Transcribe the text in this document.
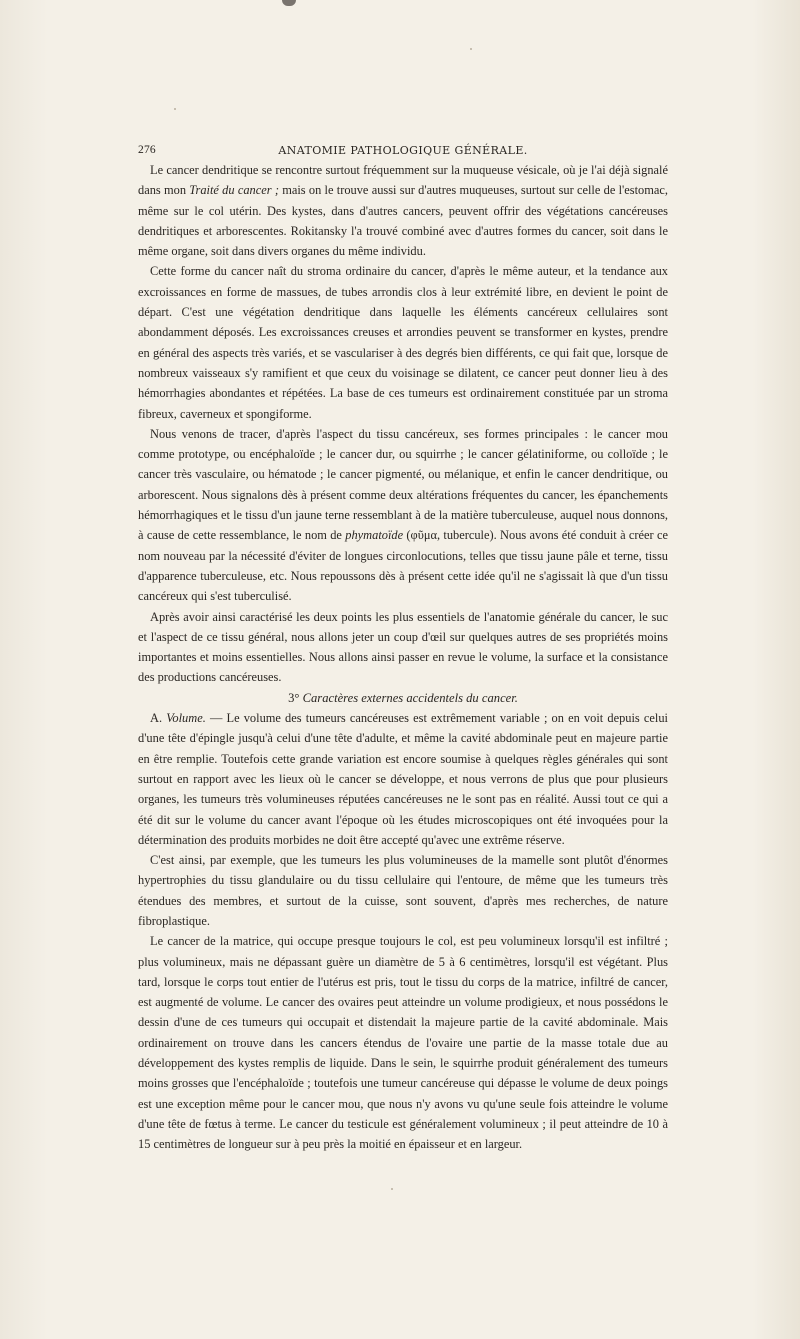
276	ANATOMIE PATHOLOGIQUE GÉNÉRALE.

Le cancer dendritique se rencontre surtout fréquemment sur la muqueuse vésicale, où je l'ai déjà signalé dans mon Traité du cancer ; mais on le trouve aussi sur d'autres muqueuses, surtout sur celle de l'estomac, même sur le col utérin. Des kystes, dans d'autres cancers, peuvent offrir des végétations cancéreuses dendritiques et arborescentes. Rokitansky l'a trouvé combiné avec d'autres formes du cancer, soit dans le même organe, soit dans divers organes du même individu.

Cette forme du cancer naît du stroma ordinaire du cancer, d'après le même auteur, et la tendance aux excroissances en forme de massues, de tubes arrondis clos à leur extrémité libre, en devient le point de départ. C'est une végétation dendritique dans laquelle les éléments cancéreux cellulaires sont abondamment déposés. Les excroissances creuses et arrondies peuvent se transformer en kystes, prendre en général des aspects très variés, et se vasculariser à des degrés bien différents, ce qui fait que, lorsque de nombreux vaisseaux s'y ramifient et que ceux du voisinage se dilatent, ce cancer peut donner lieu à des hémorrhagies abondantes et répétées. La base de ces tumeurs est ordinairement constituée par un stroma fibreux, caverneux et spongiforme.

Nous venons de tracer, d'après l'aspect du tissu cancéreux, ses formes principales : le cancer mou comme prototype, ou encéphaloïde ; le cancer dur, ou squirrhe ; le cancer gélatiniforme, ou colloïde ; le cancer très vasculaire, ou hématode ; le cancer pigmenté, ou mélanique, et enfin le cancer dendritique, ou arborescent. Nous signalons dès à présent comme deux altérations fréquentes du cancer, les épanchements hémorrhagiques et le tissu d'un jaune terne ressemblant à de la matière tuberculeuse, auquel nous donnons, à cause de cette ressemblance, le nom de phymatoïde (φῦμα, tubercule). Nous avons été conduit à créer ce nom nouveau par la nécessité d'éviter de longues circonlocutions, telles que tissu jaune pâle et terne, tissu d'apparence tuberculeuse, etc. Nous repoussons dès à présent cette idée qu'il ne s'agissait là que d'un tissu cancéreux qui s'est tuberculisé.

Après avoir ainsi caractérisé les deux points les plus essentiels de l'anatomie générale du cancer, le suc et l'aspect de ce tissu général, nous allons jeter un coup d'œil sur quelques autres de ses propriétés moins importantes et moins essentielles. Nous allons ainsi passer en revue le volume, la surface et la consistance des productions cancéreuses.

3° Caractères externes accidentels du cancer.

A. Volume. — Le volume des tumeurs cancéreuses est extrêmement variable ; on en voit depuis celui d'une tête d'épingle jusqu'à celui d'une tête d'adulte, et même la cavité abdominale peut en majeure partie en être remplie. Toutefois cette grande variation est encore soumise à quelques règles générales qui sont surtout en rapport avec les lieux où le cancer se développe, et nous verrons de plus que pour plusieurs organes, les tumeurs très volumineuses réputées cancéreuses ne le sont pas en réalité. Aussi tout ce qui a été dit sur le volume du cancer avant l'époque où les études microscopiques ont été invoquées pour la détermination des produits morbides ne doit être accepté qu'avec une extrême réserve.

C'est ainsi, par exemple, que les tumeurs les plus volumineuses de la mamelle sont plutôt d'énormes hypertrophies du tissu glandulaire ou du tissu cellulaire qui l'entoure, de même que les tumeurs très étendues des membres, et surtout de la cuisse, sont souvent, d'après mes recherches, de nature fibroplastique.

Le cancer de la matrice, qui occupe presque toujours le col, est peu volumineux lorsqu'il est infiltré ; plus volumineux, mais ne dépassant guère un diamètre de 5 à 6 centimètres, lorsqu'il est végétant. Plus tard, lorsque le corps tout entier de l'utérus est pris, tout le tissu du corps de la matrice, infiltré de cancer, est augmenté de volume. Le cancer des ovaires peut atteindre un volume prodigieux, et nous possédons le dessin d'une de ces tumeurs qui occupait et distendait la majeure partie de la cavité abdominale. Mais ordinairement on trouve dans les cancers étendus de l'ovaire une partie de la masse totale due au développement des kystes remplis de liquide. Dans le sein, le squirrhe produit généralement des tumeurs moins grosses que l'encéphaloïde ; toutefois une tumeur cancéreuse qui dépasse le volume de deux poings est une exception même pour le cancer mou, que nous n'y avons vu qu'une seule fois atteindre le volume d'une tête de fœtus à terme. Le cancer du testicule est généralement volumineux ; il peut atteindre de 10 à 15 centimètres de longueur sur à peu près la moitié en épaisseur et en largeur.
